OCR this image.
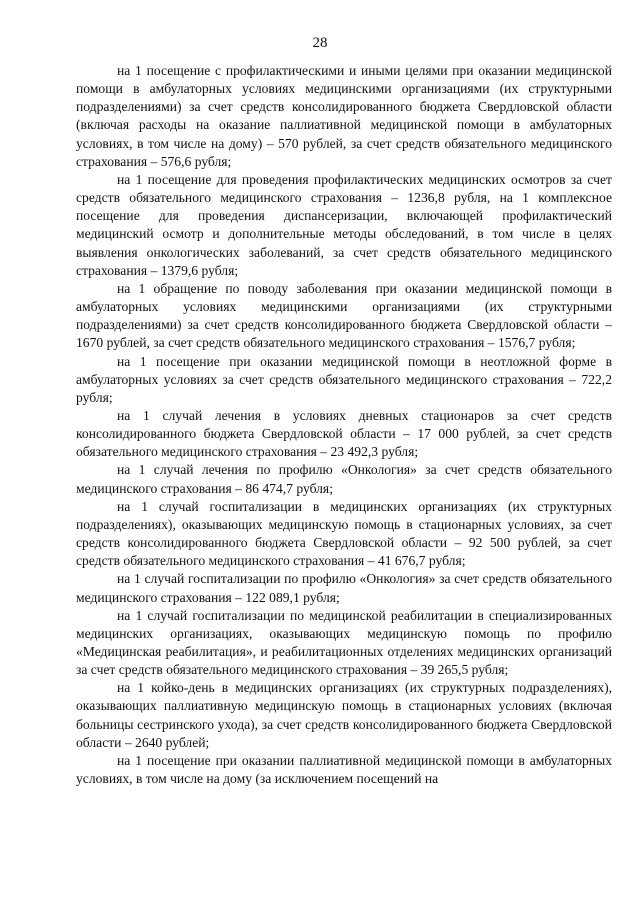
28

на 1 посещение с профилактическими и иными целями при оказании медицинской помощи в амбулаторных условиях медицинскими организациями (их структурными подразделениями) за счет средств консолидированного бюджета Свердловской области (включая расходы на оказание паллиативной медицинской помощи в амбулаторных условиях, в том числе на дому) – 570 рублей, за счет средств обязательного медицинского страхования – 576,6 рубля;

на 1 посещение для проведения профилактических медицинских осмотров за счет средств обязательного медицинского страхования – 1236,8 рубля, на 1 комплексное посещение для проведения диспансеризации, включающей профилактический медицинский осмотр и дополнительные методы обследований, в том числе в целях выявления онкологических заболеваний, за счет средств обязательного медицинского страхования – 1379,6 рубля;

на 1 обращение по поводу заболевания при оказании медицинской помощи в амбулаторных условиях медицинскими организациями (их структурными подразделениями) за счет средств консолидированного бюджета Свердловской области – 1670 рублей, за счет средств обязательного медицинского страхования – 1576,7 рубля;

на 1 посещение при оказании медицинской помощи в неотложной форме в амбулаторных условиях за счет средств обязательного медицинского страхования – 722,2 рубля;

на 1 случай лечения в условиях дневных стационаров за счет средств консолидированного бюджета Свердловской области – 17 000 рублей, за счет средств обязательного медицинского страхования – 23 492,3 рубля;

на 1 случай лечения по профилю «Онкология» за счет средств обязательного медицинского страхования – 86 474,7 рубля;

на 1 случай госпитализации в медицинских организациях (их структурных подразделениях), оказывающих медицинскую помощь в стационарных условиях, за счет средств консолидированного бюджета Свердловской области – 92 500 рублей, за счет средств обязательного медицинского страхования – 41 676,7 рубля;

на 1 случай госпитализации по профилю «Онкология» за счет средств обязательного медицинского страхования – 122 089,1 рубля;

на 1 случай госпитализации по медицинской реабилитации в специализированных медицинских организациях, оказывающих медицинскую помощь по профилю «Медицинская реабилитация», и реабилитационных отделениях медицинских организаций за счет средств обязательного медицинского страхования – 39 265,5 рубля;

на 1 койко-день в медицинских организациях (их структурных подразделениях), оказывающих паллиативную медицинскую помощь в стационарных условиях (включая больницы сестринского ухода), за счет средств консолидированного бюджета Свердловской области – 2640 рублей;

на 1 посещение при оказании паллиативной медицинской помощи в амбулаторных условиях, в том числе на дому (за исключением посещений на
